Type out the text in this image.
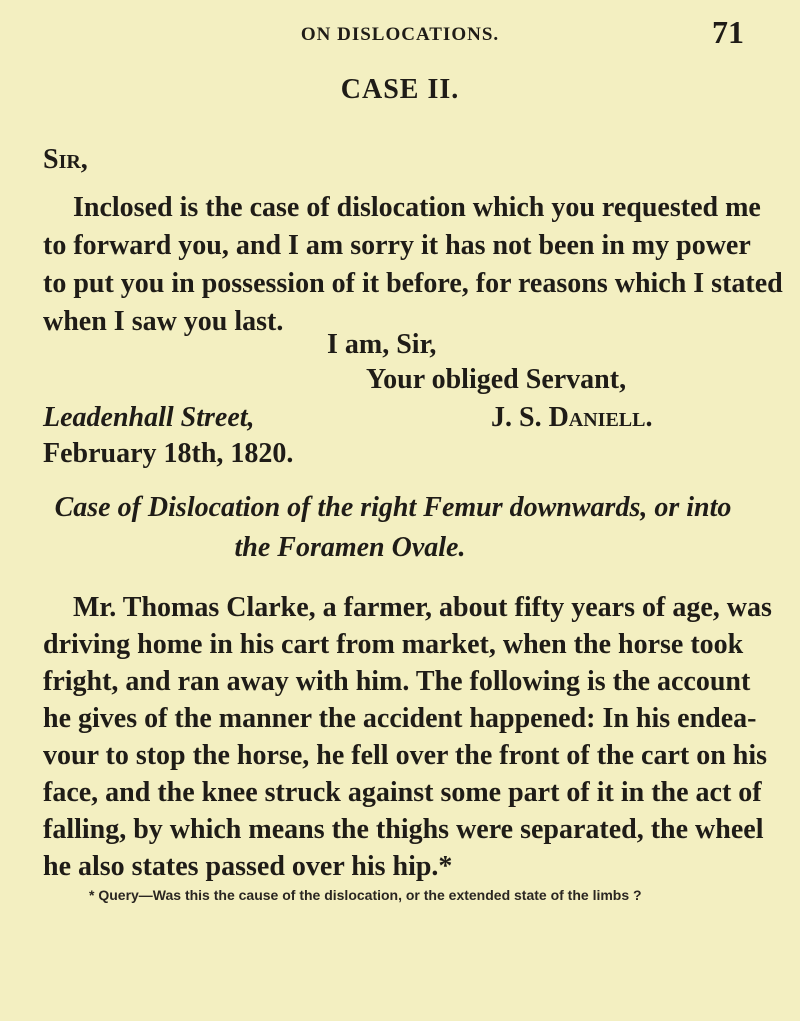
ON DISLOCATIONS.	71
CASE II.
Sir,
Inclosed is the case of dislocation which you requested me
to forward you, and I am sorry it has not been in my power
to put you in possession of it before, for reasons which I stated
when I saw you last.
I am, Sir,
Your obliged Servant,
Leadenhall Street,	J. S. Daniell.
February 18th, 1820.
Case of Dislocation of the right Femur downwards, or into
the Foramen Ovale.
Mr. Thomas Clarke, a farmer, about fifty years of age, was
driving home in his cart from market, when the horse took
fright, and ran away with him. The following is the account
he gives of the manner the accident happened: In his endea-
vour to stop the horse, he fell over the front of the cart on his
face, and the knee struck against some part of it in the act of
falling, by which means the thighs were separated, the wheel
he also states passed over his hip.*
* Query—Was this the cause of the dislocation, or the extended state of the limbs ?
